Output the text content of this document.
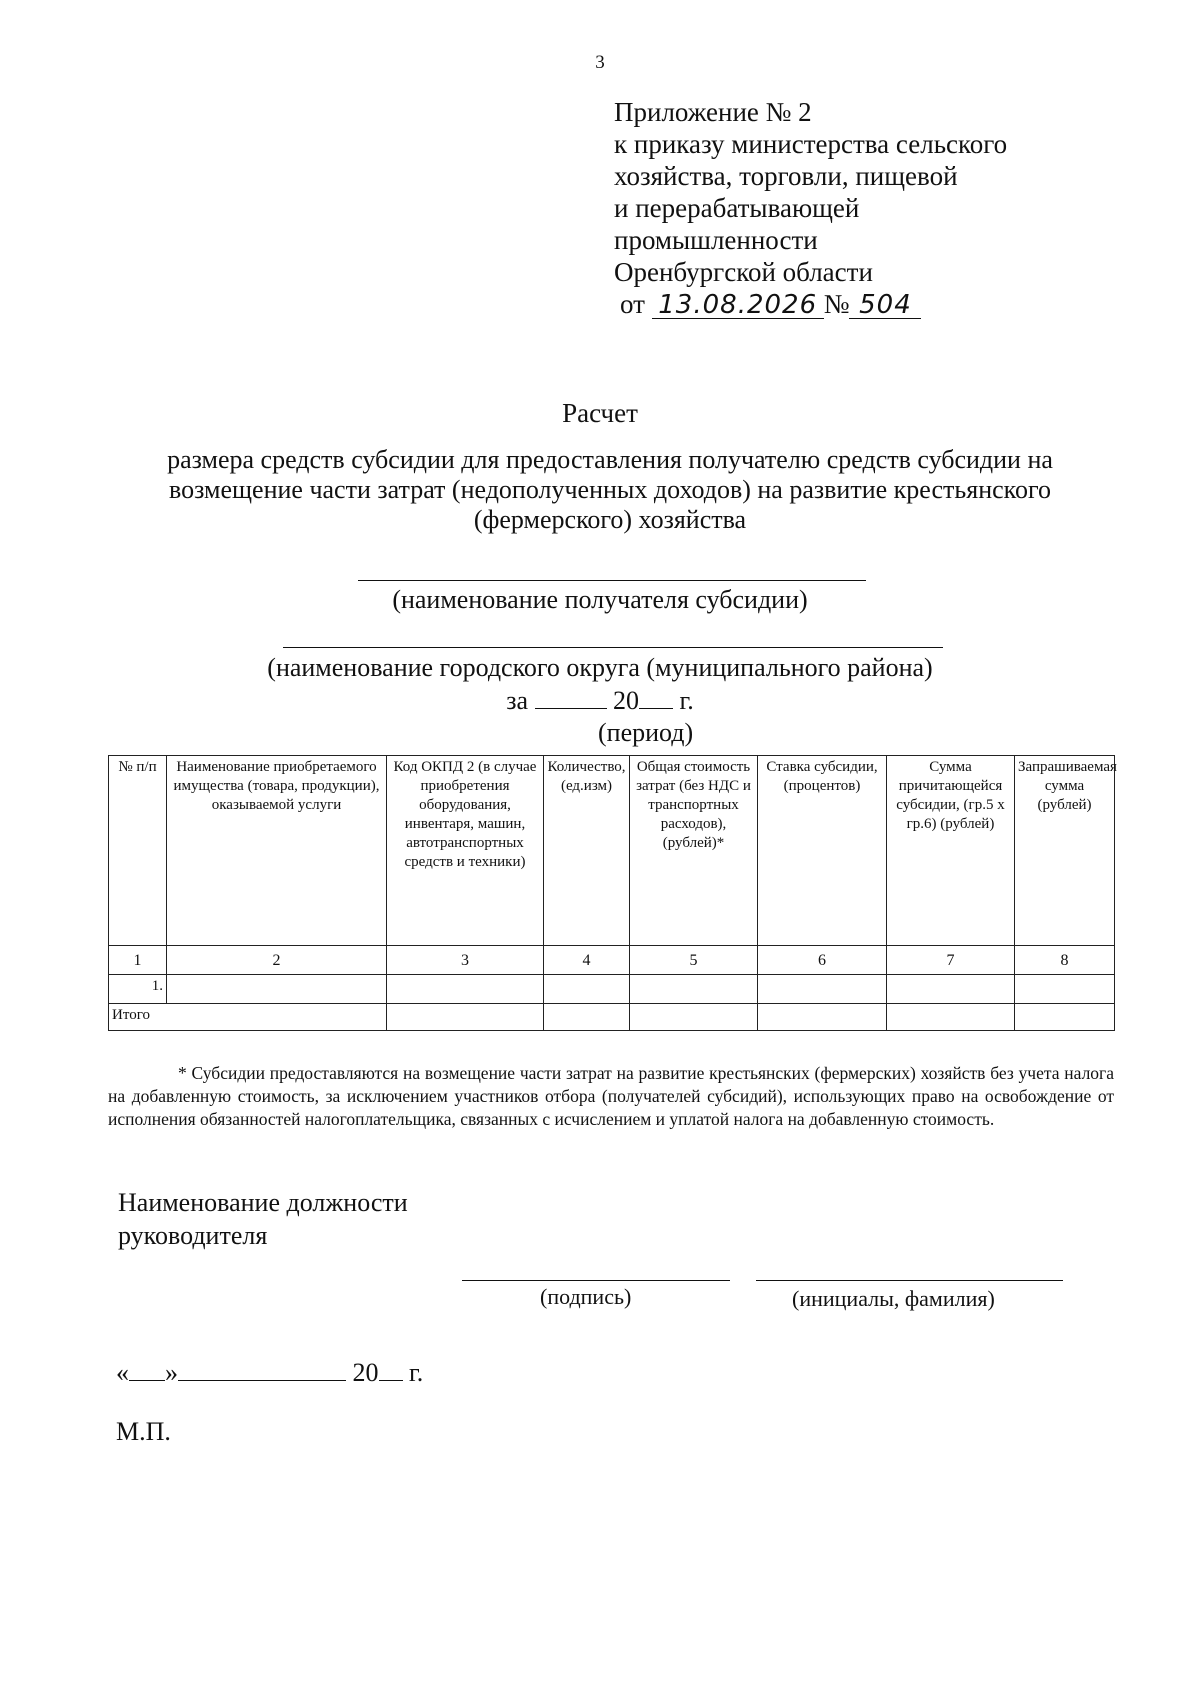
3
Приложение № 2
к приказу министерства сельского
хозяйства, торговли, пищевой
и перерабатывающей
промышленности
Оренбургской области
от 13.08.2026 № 504
Расчет
размера средств субсидии для предоставления получателю средств субсидии на возмещение части затрат (недополученных доходов) на развитие крестьянского (фермерского) хозяйства
(наименование получателя субсидии)
(наименование городского округа (муниципального района)
за	20 г.
(период)
№ п/п	Наименование приобретаемого имущества (товара, продукции), оказываемой услуги	Код ОКПД 2 (в случае приобретения оборудования, инвентаря, машин, автотранспортных средств и техники)	Количество, (ед.изм)	Общая стоимость затрат (без НДС и транспортных расходов), (рублей)*	Ставка субсидии, (процентов)	Сумма причитающейся субсидии, (гр.5 x гр.6) (рублей)	Запрашиваемая сумма (рублей)
1	2	3	4	5	6	7	8
1.							
Итого							
* Субсидии предоставляются на возмещение части затрат на развитие крестьянских (фермерских) хозяйств без учета налога на добавленную стоимость, за исключением участников отбора (получателей субсидий), использующих право на освобождение от исполнения обязанностей налогоплательщика, связанных с исчислением и уплатой налога на добавленную стоимость.
Наименование должности
руководителя
(подпись)	(инициалы, фамилия)
« »	20 г.
М.П.
